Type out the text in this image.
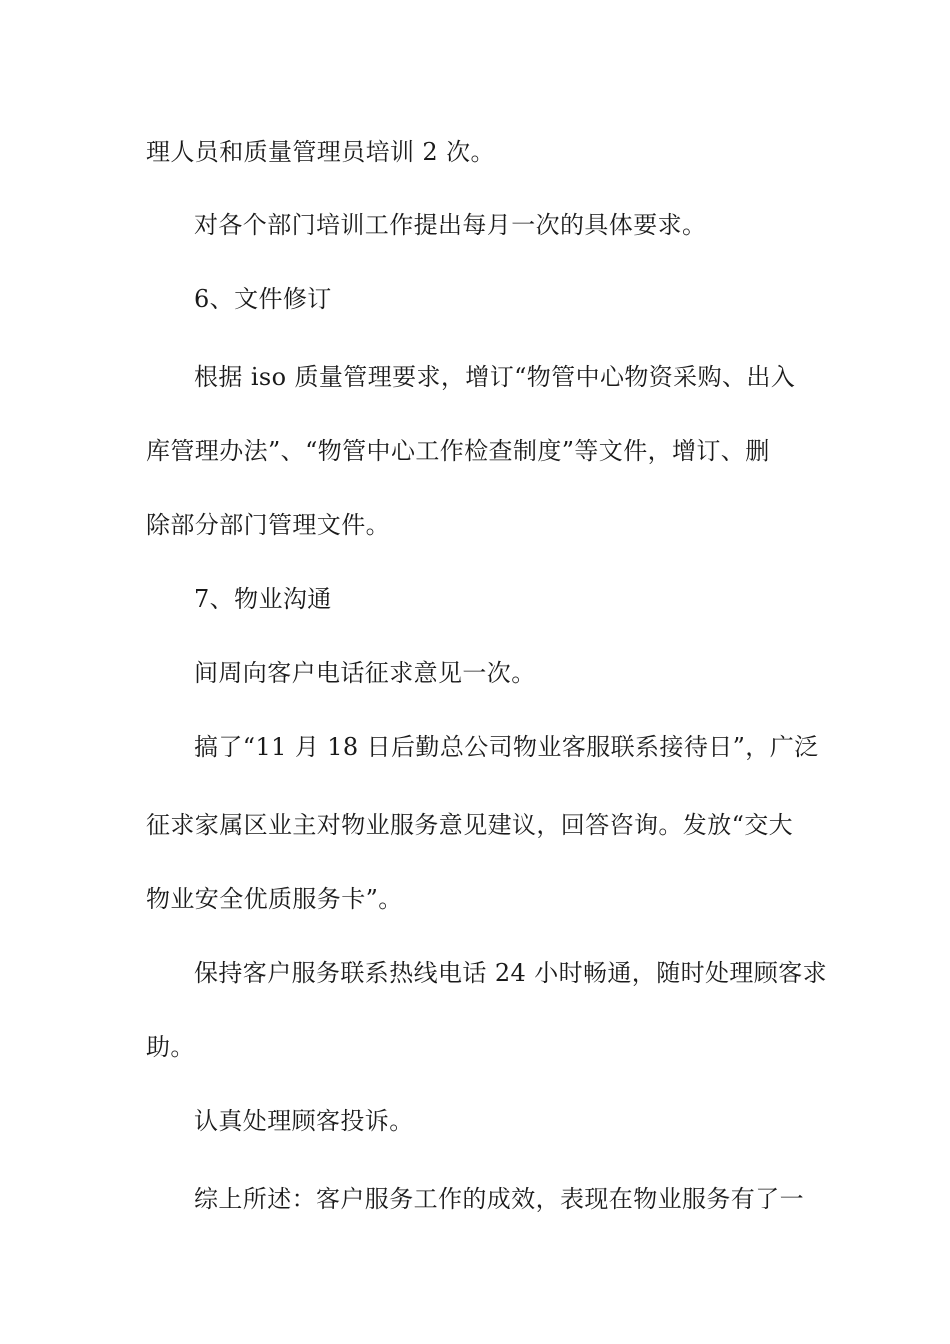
理人员和质量管理员培训 2 次。
对各个部门培训工作提出每月一次的具体要求。
6、文件修订
根据 iso 质量管理要求，增订“物管中心物资采购、出入
库管理办法”、“物管中心工作检查制度”等文件，增订、删
除部分部门管理文件。
7、物业沟通
间周向客户电话征求意见一次。
搞了“11 月 18 日后勤总公司物业客服联系接待日”，广泛
征求家属区业主对物业服务意见建议，回答咨询。发放“交大
物业安全优质服务卡”。
保持客户服务联系热线电话 24 小时畅通，随时处理顾客求
助。
认真处理顾客投诉。
综上所述：客户服务工作的成效，表现在物业服务有了一
